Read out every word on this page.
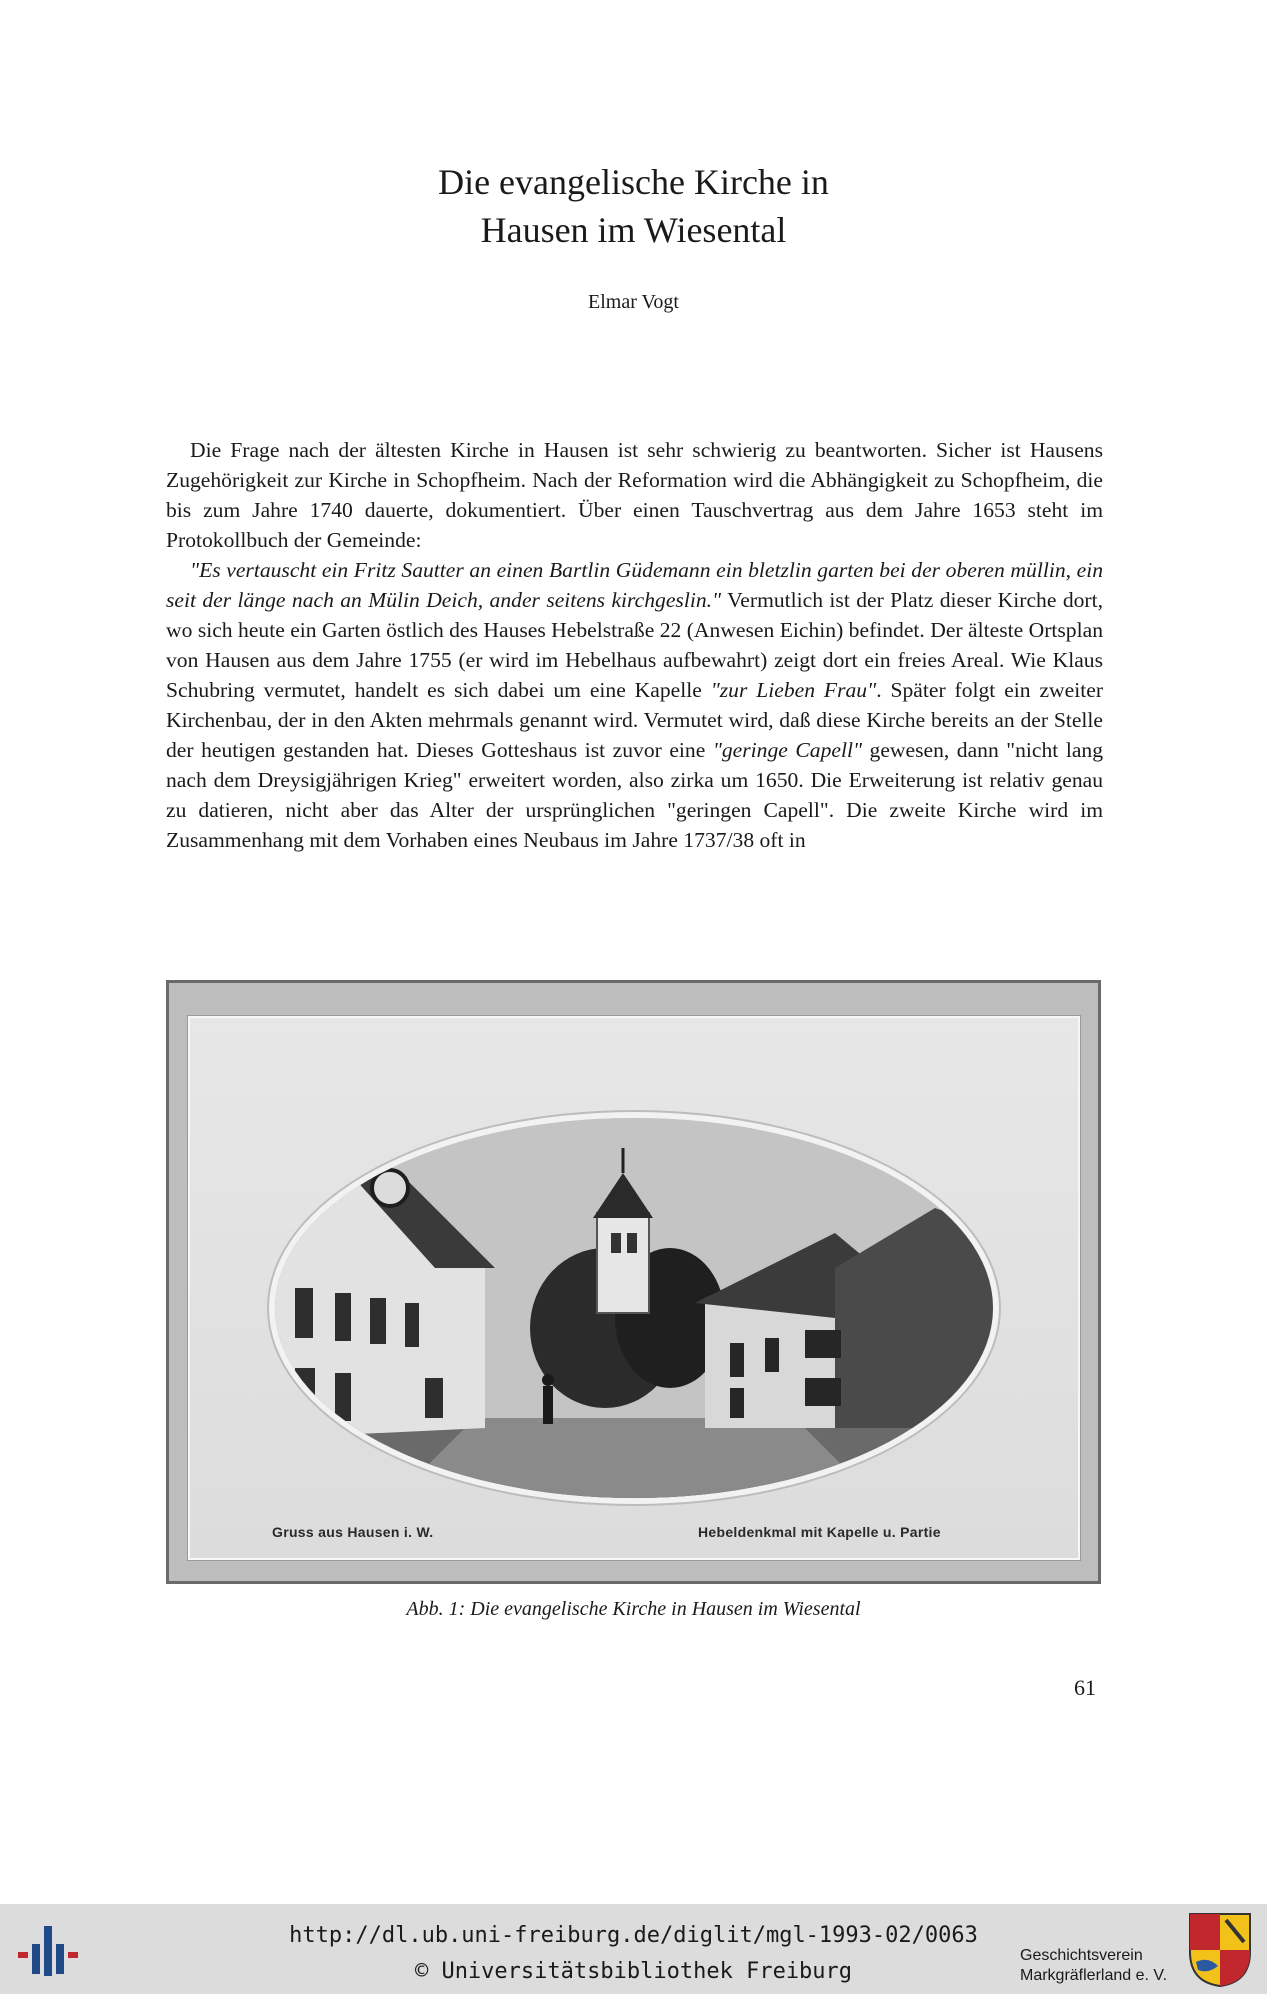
Die evangelische Kirche in
Hausen im Wiesental
Elmar Vogt

Die Frage nach der ältesten Kirche in Hausen ist sehr schwierig zu beantworten. Sicher ist Hausens Zugehörigkeit zur Kirche in Schopfheim. Nach der Reformation wird die Abhängigkeit zu Schopfheim, die bis zum Jahre 1740 dauerte, dokumentiert. Über einen Tauschvertrag aus dem Jahre 1653 steht im Protokollbuch der Gemeinde:

"Es vertauscht ein Fritz Sautter an einen Bartlin Güdemann ein bletzlin garten bei der oberen müllin, ein seit der länge nach an Mülin Deich, ander seitens kirchgeslin." Vermutlich ist der Platz dieser Kirche dort, wo sich heute ein Garten östlich des Hauses Hebelstraße 22 (Anwesen Eichin) befindet. Der älteste Ortsplan von Hausen aus dem Jahre 1755 (er wird im Hebelhaus aufbewahrt) zeigt dort ein freies Areal. Wie Klaus Schubring vermutet, handelt es sich dabei um eine Kapelle "zur Lieben Frau". Später folgt ein zweiter Kirchenbau, der in den Akten mehrmals genannt wird. Vermutet wird, daß diese Kirche bereits an der Stelle der heutigen gestanden hat. Dieses Gotteshaus ist zuvor eine "geringe Capell" gewesen, dann "nicht lang nach dem Dreysigjährigen Krieg" erweitert worden, also zirka um 1650. Die Erweiterung ist relativ genau zu datieren, nicht aber das Alter der ursprünglichen "geringen Capell". Die zweite Kirche wird im Zusammenhang mit dem Vorhaben eines Neubaus im Jahre 1737/38 oft in

Gruss aus Hausen i. W.	Hebeldenkmal mit Kapelle u. Partie
Abb. 1: Die evangelische Kirche in Hausen im Wiesental
61
http://dl.ub.uni-freiburg.de/diglit/mgl-1993-02/0063
© Universitätsbibliothek Freiburg
Geschichtsverein
Markgräflerland e. V.
